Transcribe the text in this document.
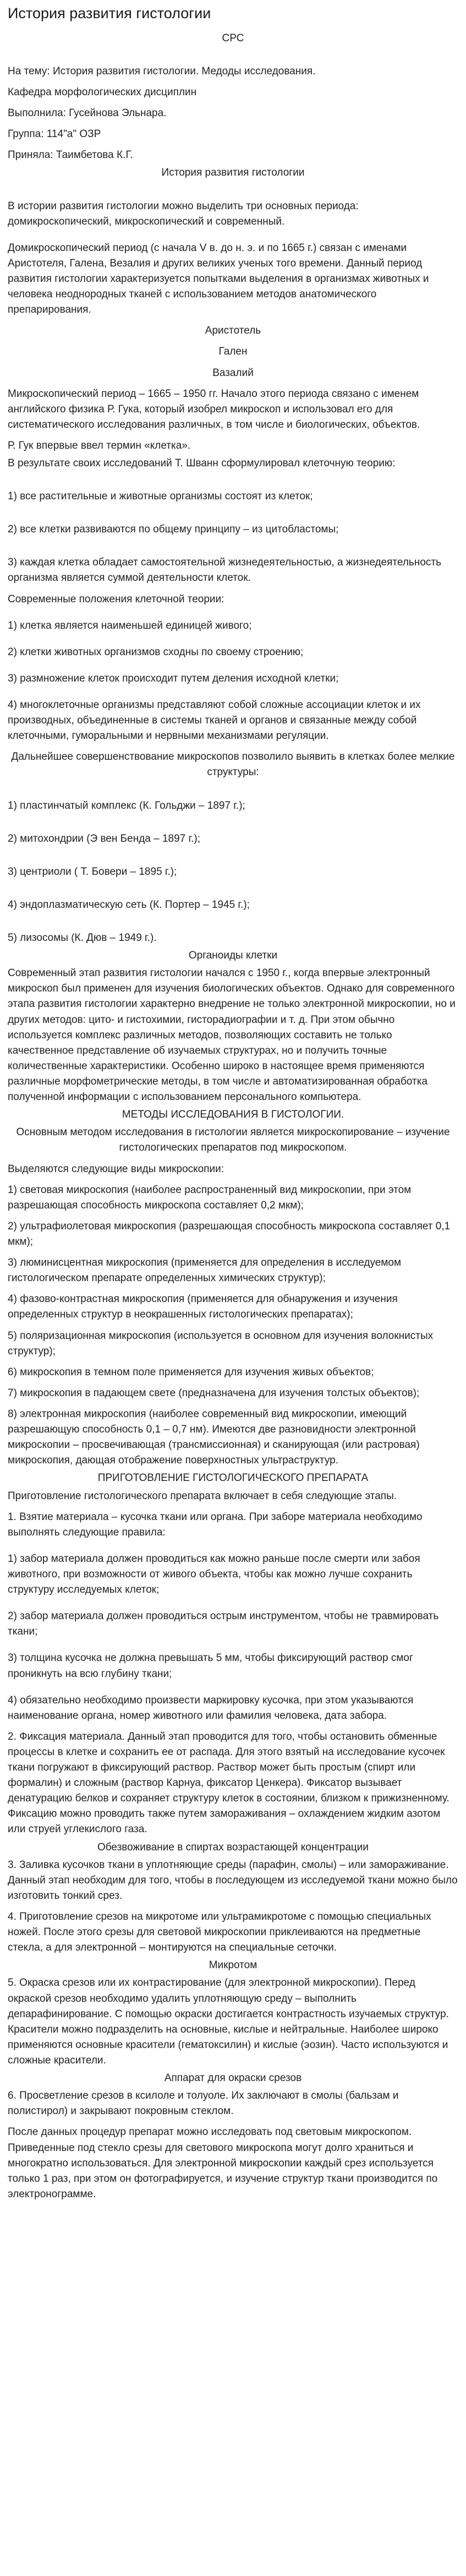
История развития гистологии

СРС

На тему: История развития гистологии. Медоды исследования.

Кафедра морфологических дисциплин

Выполнила: Гусейнова Эльнара.

Группа: 114"а" ОЗР

Приняла: Таимбетова К.Г.

История развития гистологии

В истории развития гистологии можно выделить три основных периода: домикроскопический, микроскопический и современный.

Домикроскопический период (с начала V в. до н. э. и по 1665 г.) связан с именами Аристотеля, Галена, Везалия и других великих ученых того времени. Данный период развития гистологии характеризуется попытками выделения в организмах животных и человека неоднородных тканей с использованием методов анатомического препарирования.

Аристотель

Гален

Вазалий

Микроскопический период – 1665 – 1950 гг. Начало этого периода связано с именем английского физика Р. Гука, который изобрел микроскоп и использовал его для систематического исследования различных, в том числе и биологических, объектов.

Р. Гук впервые ввел термин «клетка».

В результате своих исследований Т. Шванн сформулировал клеточную теорию:

1) все растительные и животные организмы состоят из клеток;

2) все клетки развиваются по общему принципу – из цитобластомы;

3) каждая клетка обладает самостоятельной жизнедеятельностью, а жизнедеятельность организма является суммой деятельности клеток.

Современные положения клеточной теории:

1) клетка является наименьшей единицей живого;

2) клетки животных организмов сходны по своему строению;

3) размножение клеток происходит путем деления исходной клетки;

4) многоклеточные организмы представляют собой сложные ассоциации клеток и их производных, объединенные в системы тканей и органов и связанные между собой клеточными, гуморальными и нервными механизмами регуляции.

Дальнейшее совершенствование микроскопов позволило выявить в клетках более мелкие структуры:

1) пластинчатый комплекс (К. Гольджи – 1897 г.);

2) митохондрии (Э вен Бенда – 1897 г.);

3) центриоли ( Т. Бовери – 1895 г.);

4) эндоплазматическую сеть (К. Портер – 1945 г.);

5) лизосомы (К. Дюв – 1949 г.).

Органоиды клетки

Современный этап развития гистологии начался с 1950 г., когда впервые электронный микроскоп был применен для изучения биологических объектов. Однако для современного этапа развития гистологии характерно внедрение не только электронной микроскопии, но и других методов: цито- и гистохимии, гисторадиографии и т. д. При этом обычно используется комплекс различных методов, позволяющих составить не только качественное представление об изучаемых структурах, но и получить точные количественные характеристики. Особенно широко в настоящее время применяются различные морфометрические методы, в том числе и автоматизированная обработка полученной информации с использованием персонального компьютера.

МЕТОДЫ ИССЛЕДОВАНИЯ В ГИСТОЛОГИИ.

Основным методом исследования в гистологии является микроскопирование – изучение гистологических препаратов под микроскопом.

Выделяются следующие виды микроскопии:

1) световая микроскопия (наиболее распространенный вид микроскопии, при этом разрешающая способность микроскопа составляет 0,2 мкм);

2) ультрафиолетовая микроскопия (разрешающая способность микроскопа составляет 0,1 мкм);

3) люминисцентная микроскопия (применяется для определения в исследуемом гистологическом препарате определенных химических структур);

4) фазово-контрастная микроскопия (применяется для обнаружения и изучения определенных структур в неокрашенных гистологических препаратах);

5) поляризационная микроскопия (используется в основном для изучения волокнистых структур);

6) микроскопия в темном поле применяется для изучения живых объектов;

7) микроскопия в падающем свете (предназначена для изучения толстых объектов);

8) электронная микроскопия (наиболее современный вид микроскопии, имеющий разрешающую способность 0,1 – 0,7 нм). Имеются две разновидности электронной микроскопии – просвечивающая (трансмиссионная) и сканирующая (или растровая) микроскопия, дающая отображение поверхностных ультраструктур.

ПРИГОТОВЛЕНИЕ ГИСТОЛОГИЧЕСКОГО ПРЕПАРАТА

Приготовление гистологического препарата включает в себя следующие этапы.

1. Взятие материала – кусочка ткани или органа. При заборе материала необходимо выполнять следующие правила:

1) забор материала должен проводиться как можно раньше после смерти или забоя животного, при возможности от живого объекта, чтобы как можно лучше сохранить структуру исследуемых клеток;

2) забор материала должен проводиться острым инструментом, чтобы не травмировать ткани;

3) толщина кусочка не должна превышать 5 мм, чтобы фиксирующий раствор смог проникнуть на всю глубину ткани;

4) обязательно необходимо произвести маркировку кусочка, при этом указываются наименование органа, номер животного или фамилия человека, дата забора.

2. Фиксация материала. Данный этап проводится для того, чтобы остановить обменные процессы в клетке и сохранить ее от распада. Для этого взятый на исследование кусочек ткани погружают в фиксирующий раствор. Раствор может быть простым (спирт или формалин) и сложным (раствор Карнуа, фиксатор Ценкера). Фиксатор вызывает денатурацию белков и сохраняет структуру клеток в состоянии, близком к прижизненному. Фиксацию можно проводить также путем замораживания – охлаждением жидким азотом или струей углекислого газа.

Обезвоживание в спиртах возрастающей концентрации

3. Заливка кусочков ткани в уплотняющие среды (парафин, смолы) – или замораживание. Данный этап необходим для того, чтобы в последующем из исследуемой ткани можно было изготовить тонкий срез.

4. Приготовление срезов на микротоме или ультрамикротоме с помощью специальных ножей. После этого срезы для световой микроскопии приклеиваются на предметные стекла, а для электронной – монтируются на специальные сеточки.

Микротом

5. Окраска срезов или их контрастирование (для электронной микроскопии). Перед окраской срезов необходимо удалить уплотняющую среду – выполнить депарафинирование. С помощью окраски достигается контрастность изучаемых структур. Красители можно подразделить на основные, кислые и нейтральные. Наиболее широко применяются основные красители (гематоксилин) и кислые (эозин). Часто используются и сложные красители.

Аппарат для окраски срезов

6. Просветление срезов в ксилоле и толуоле. Их заключают в смолы (бальзам и полистирол) и закрывают покровным стеклом.

После данных процедур препарат можно исследовать под световым микроскопом. Приведенные под стекло срезы для светового микроскопа могут долго храниться и многократно использоваться. Для электронной микроскопии каждый срез используется только 1 раз, при этом он фотографируется, и изучение структур ткани производится по электронограмме.
